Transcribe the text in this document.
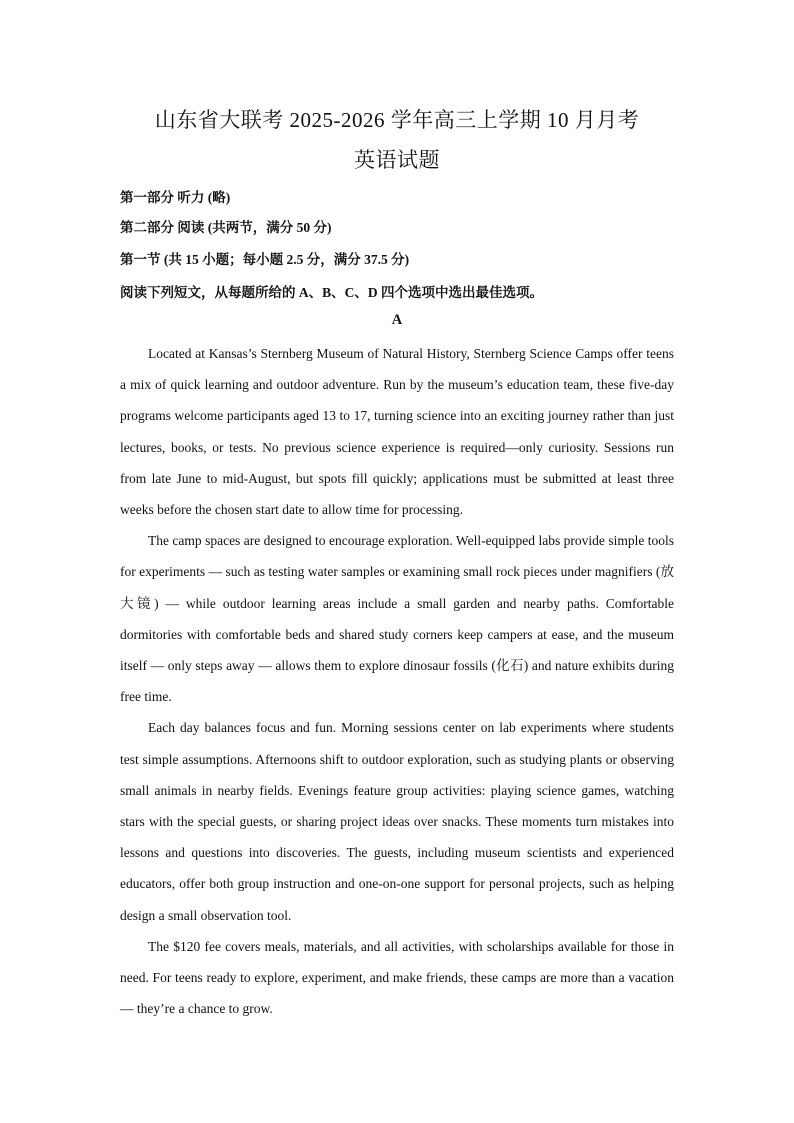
山东省大联考 2025-2026 学年高三上学期 10 月月考
英语试题
第一部分 听力 (略)
第二部分 阅读 (共两节，满分 50 分)
第一节 (共 15 小题；每小题 2.5 分，满分 37.5 分)
阅读下列短文，从每题所给的 A、B、C、D 四个选项中选出最佳选项。
A

Located at Kansas’s Sternberg Museum of Natural History, Sternberg Science Camps offer teens a mix of quick learning and outdoor adventure. Run by the museum’s education team, these five-day programs welcome participants aged 13 to 17, turning science into an exciting journey rather than just lectures, books, or tests. No previous science experience is required—only curiosity. Sessions run from late June to mid-August, but spots fill quickly; applications must be submitted at least three weeks before the chosen start date to allow time for processing.

The camp spaces are designed to encourage exploration. Well-equipped labs provide simple tools for experiments — such as testing water samples or examining small rock pieces under magnifiers (放大镜) — while outdoor learning areas include a small garden and nearby paths. Comfortable dormitories with comfortable beds and shared study corners keep campers at ease, and the museum itself — only steps away — allows them to explore dinosaur fossils (化石) and nature exhibits during free time.

Each day balances focus and fun. Morning sessions center on lab experiments where students test simple assumptions. Afternoons shift to outdoor exploration, such as studying plants or observing small animals in nearby fields. Evenings feature group activities: playing science games, watching stars with the special guests, or sharing project ideas over snacks. These moments turn mistakes into lessons and questions into discoveries. The guests, including museum scientists and experienced educators, offer both group instruction and one-on-one support for personal projects, such as helping design a small observation tool.

The $120 fee covers meals, materials, and all activities, with scholarships available for those in need. For teens ready to explore, experiment, and make friends, these camps are more than a vacation — they’re a chance to grow.
